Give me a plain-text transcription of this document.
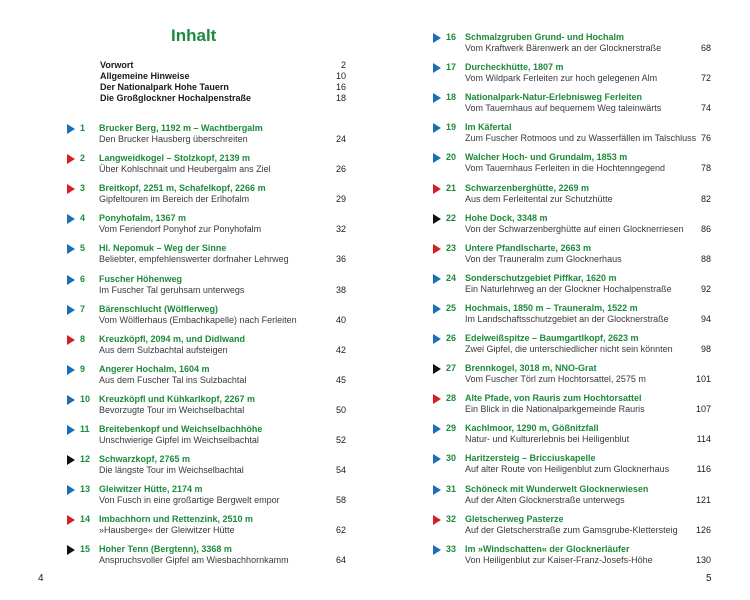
Inhalt
Vorwort	2
Allgemeine Hinweise	10
Der Nationalpark Hohe Tauern	16
Die Großglockner Hochalpenstraße	18
1 Brucker Berg, 1192 m – Wachtbergalm
Den Brucker Hausberg überschreiten	24
2 Langweidkogel – Stolzkopf, 2139 m
Über Kohlschnait und Heubergalm ans Ziel	26
3 Breitkopf, 2251 m, Schafelkopf, 2266 m
Gipfeltouren im Bereich der Erlhofalm	29
4 Ponyhofalm, 1367 m
Vom Feriendorf Ponyhof zur Ponyhofalm	32
5 Hl. Nepomuk – Weg der Sinne
Beliebter, empfehlenswerter dorfnaher Lehrweg	36
6 Fuscher Höhenweg
Im Fuscher Tal geruhsam unterwegs	38
7 Bärenschlucht (Wölflerweg)
Vom Wölflerhaus (Embachkapelle) nach Ferleiten	40
8 Kreuzköpfl, 2094 m, und Didlwand
Aus dem Sulzbachtal aufsteigen	42
9 Angerer Hochalm, 1604 m
Aus dem Fuscher Tal ins Sulzbachtal	45
10 Kreuzköpfl und Kühkarlkopf, 2267 m
Bevorzugte Tour im Weichselbachtal	50
11 Breitebenkopf und Weichselbachhöhe
Unschwierige Gipfel im Weichselbachtal	52
12 Schwarzkopf, 2765 m
Die längste Tour im Weichselbachtal	54
13 Gleiwitzer Hütte, 2174 m
Von Fusch in eine großartige Bergwelt empor	58
14 Imbachhorn und Rettenzink, 2510 m
»Hausberge« der Gleiwitzer Hütte	62
15 Hoher Tenn (Bergtenn), 3368 m
Anspruchsvoller Gipfel am Wiesbachhornkamm	64
4
16 Schmalzgruben Grund- und Hochalm
Vom Kraftwerk Bärenwerk an der Glocknerstraße	68
17 Durcheckhütte, 1807 m
Vom Wildpark Ferleiten zur hoch gelegenen Alm	72
18 Nationalpark-Natur-Erlebnisweg Ferleiten
Vom Tauernhaus auf bequemem Weg taleinwärts	74
19 Im Käfertal
Zum Fuscher Rotmoos und zu Wasserfällen im Talschluss 76
20 Walcher Hoch- und Grundalm, 1853 m
Vom Tauernhaus Ferleiten in die Hochtenngegend	78
21 Schwarzenberghütte, 2269 m
Aus dem Ferleitental zur Schutzhütte	82
22 Hohe Dock, 3348 m
Von der Schwarzenberghütte auf einen Glocknerriesen 86
23 Untere Pfandlscharte, 2663 m
Von der Trauneralm zum Glocknerhaus	88
24 Sonderschutzgebiet Piffkar, 1620 m
Ein Naturlehrweg an der Glockner Hochalpenstraße	92
25 Hochmais, 1850 m – Trauneralm, 1522 m
Im Landschaftsschutzgebiet an der Glocknerstraße	94
26 Edelweißspitze – Baumgartlkopf, 2623 m
Zwei Gipfel, die unterschiedlicher nicht sein könnten	98
27 Brennkogel, 3018 m, NNO-Grat
Vom Fuscher Törl zum Hochtorsattel, 2575 m	101
28 Alte Pfade, von Rauris zum Hochtorsattel
Ein Blick in die Nationalparkgemeinde Rauris	107
29 Kachlmoor, 1290 m, Gößnitzfall
Natur- und Kulturerlebnis bei Heiligenblut	114
30 Haritzersteig – Bricciuskapelle
Auf alter Route von Heiligenblut zum Glocknerhaus	116
31 Schöneck mit Wunderwelt Glocknerwiesen
Auf der Alten Glocknerstraße unterwegs	121
32 Gletscherweg Pasterze
Auf der Gletscherstraße zum Gamsgrube-Klettersteig 126
33 Im »Windschatten« der Glocknerläufer
Von Heiligenblut zur Kaiser-Franz-Josefs-Höhe	130
5
